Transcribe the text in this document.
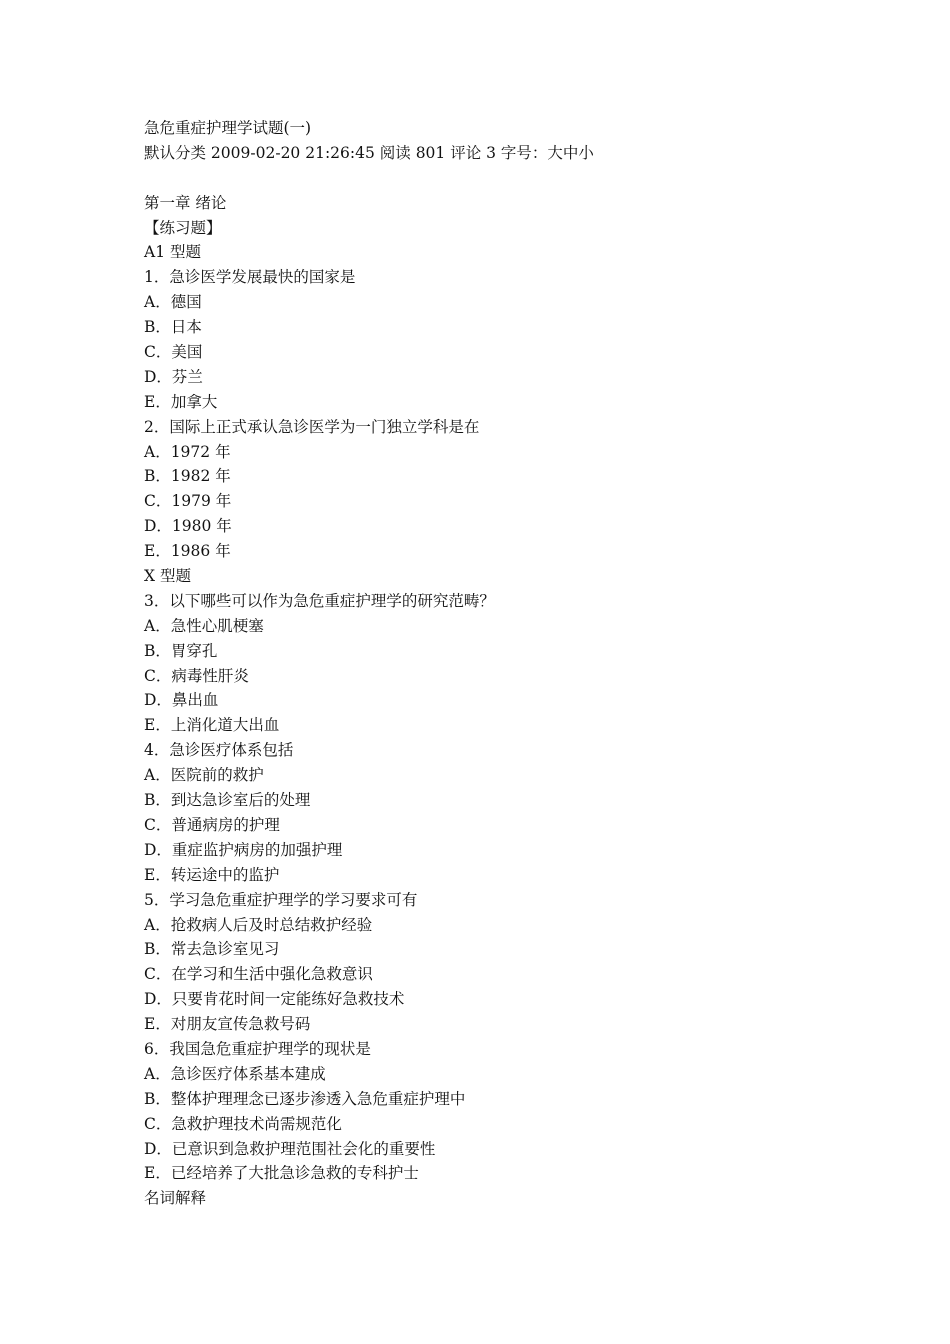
急危重症护理学试题(一)
默认分类 2009-02-20 21:26:45 阅读 801 评论 3 字号：大中小
第一章 绪论
【练习题】
A1 型题
1．急诊医学发展最快的国家是
A．德国
B．日本
C．美国
D．芬兰
E．加拿大
2．国际上正式承认急诊医学为一门独立学科是在
A．1972 年
B．1982 年
C．1979 年
D．1980 年
E．1986 年
X 型题
3．以下哪些可以作为急危重症护理学的研究范畴？
A．急性心肌梗塞
B．胃穿孔
C．病毒性肝炎
D．鼻出血
E．上消化道大出血
4．急诊医疗体系包括
A．医院前的救护
B．到达急诊室后的处理
C．普通病房的护理
D．重症监护病房的加强护理
E．转运途中的监护
5．学习急危重症护理学的学习要求可有
A．抢救病人后及时总结救护经验
B．常去急诊室见习
C．在学习和生活中强化急救意识
D．只要肯花时间一定能练好急救技术
E．对朋友宣传急救号码
6．我国急危重症护理学的现状是
A．急诊医疗体系基本建成
B．整体护理理念已逐步渗透入急危重症护理中
C．急救护理技术尚需规范化
D．已意识到急救护理范围社会化的重要性
E．已经培养了大批急诊急救的专科护士
名词解释
